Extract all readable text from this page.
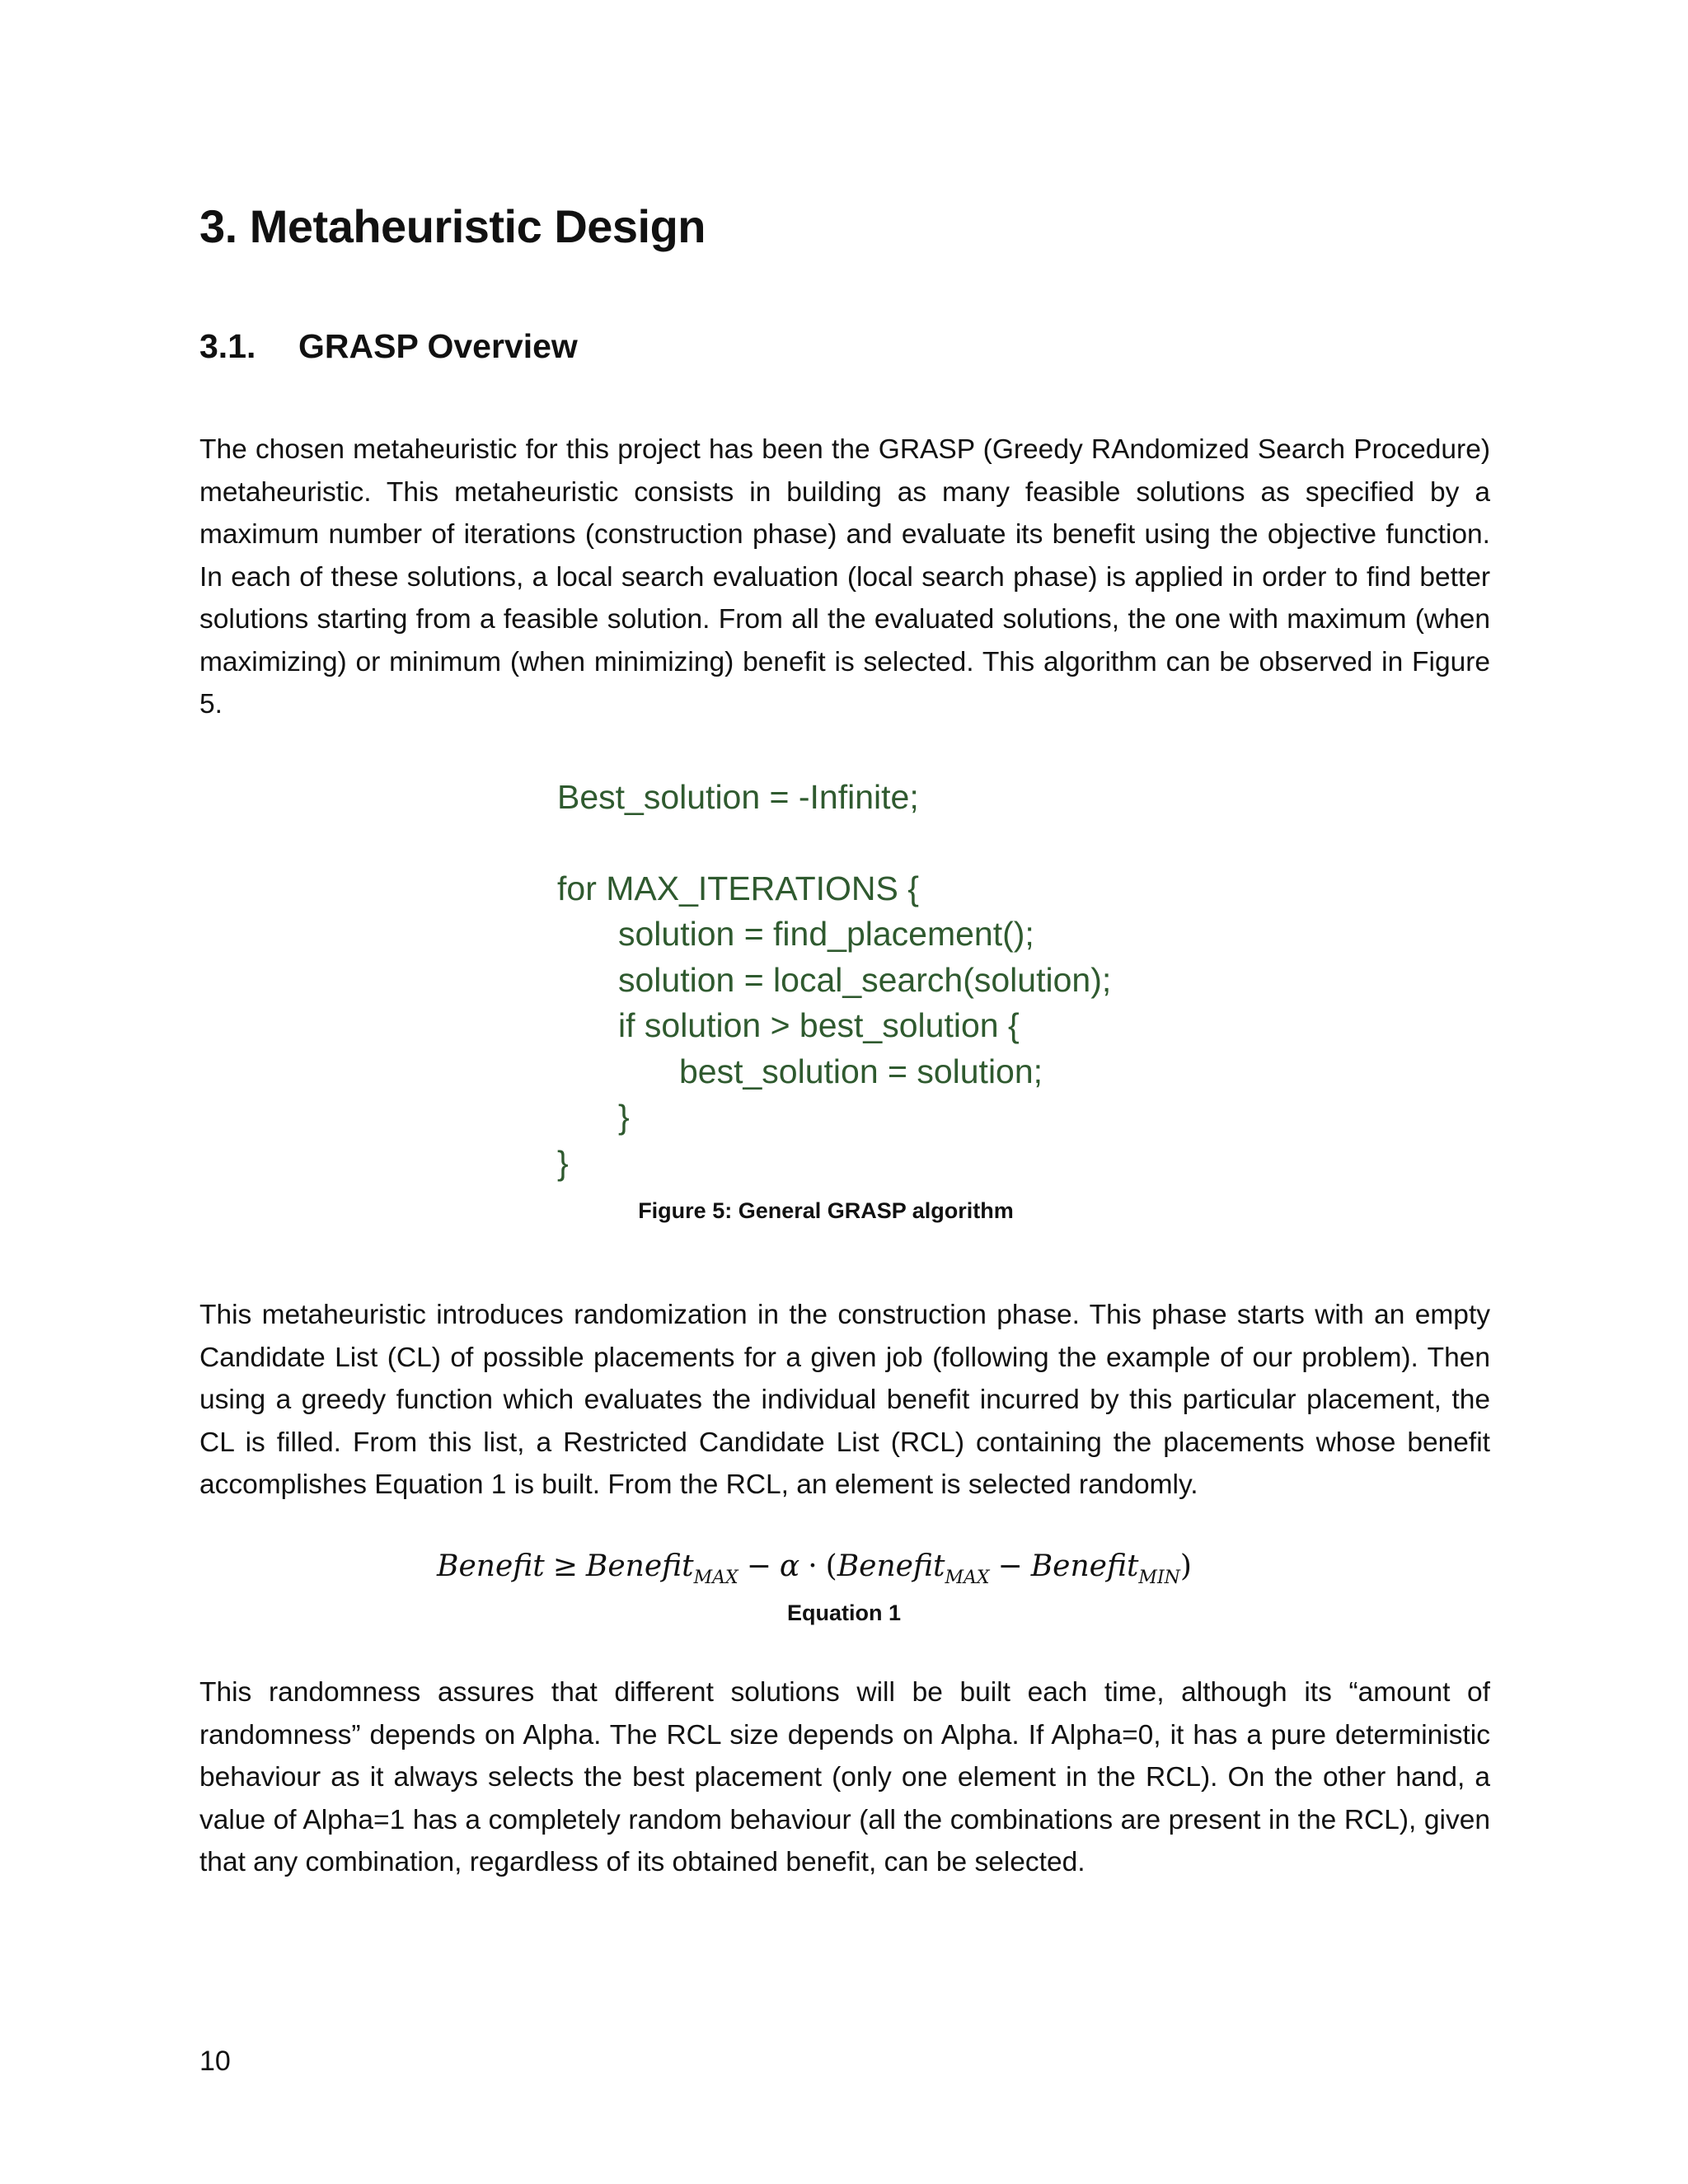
3. Metaheuristic Design
3.1. GRASP Overview

The chosen metaheuristic for this project has been the GRASP (Greedy RAndomized Search Procedure) metaheuristic. This metaheuristic consists in building as many feasible solutions as specified by a maximum number of iterations (construction phase) and evaluate its benefit using the objective function. In each of these solutions, a local search evaluation (local search phase) is applied in order to find better solutions starting from a feasible solution. From all the evaluated solutions, the one with maximum (when maximizing) or minimum (when minimizing) benefit is selected. This algorithm can be observed in Figure 5.

Best_solution = -Infinite;
for MAX_ITERATIONS {
solution = find_placement();
solution = local_search(solution);
if solution > best_solution {
best_solution = solution;
}
}
Figure 5: General GRASP algorithm

This metaheuristic introduces randomization in the construction phase. This phase starts with an empty Candidate List (CL) of possible placements for a given job (following the example of our problem). Then using a greedy function which evaluates the individual benefit incurred by this particular placement, the CL is filled. From this list, a Restricted Candidate List (RCL) containing the placements whose benefit accomplishes Equation 1 is built. From the RCL, an element is selected randomly.

Benefit ≥ Benefit$_{MAX}$ − α · (Benefit$_{MAX}$ − Benefit$_{MIN}$)
Equation 1

This randomness assures that different solutions will be built each time, although its “amount of randomness” depends on Alpha. The RCL size depends on Alpha. If Alpha=0, it has a pure deterministic behaviour as it always selects the best placement (only one element in the RCL). On the other hand, a value of Alpha=1 has a completely random behaviour (all the combinations are present in the RCL), given that any combination, regardless of its obtained benefit, can be selected.

10
